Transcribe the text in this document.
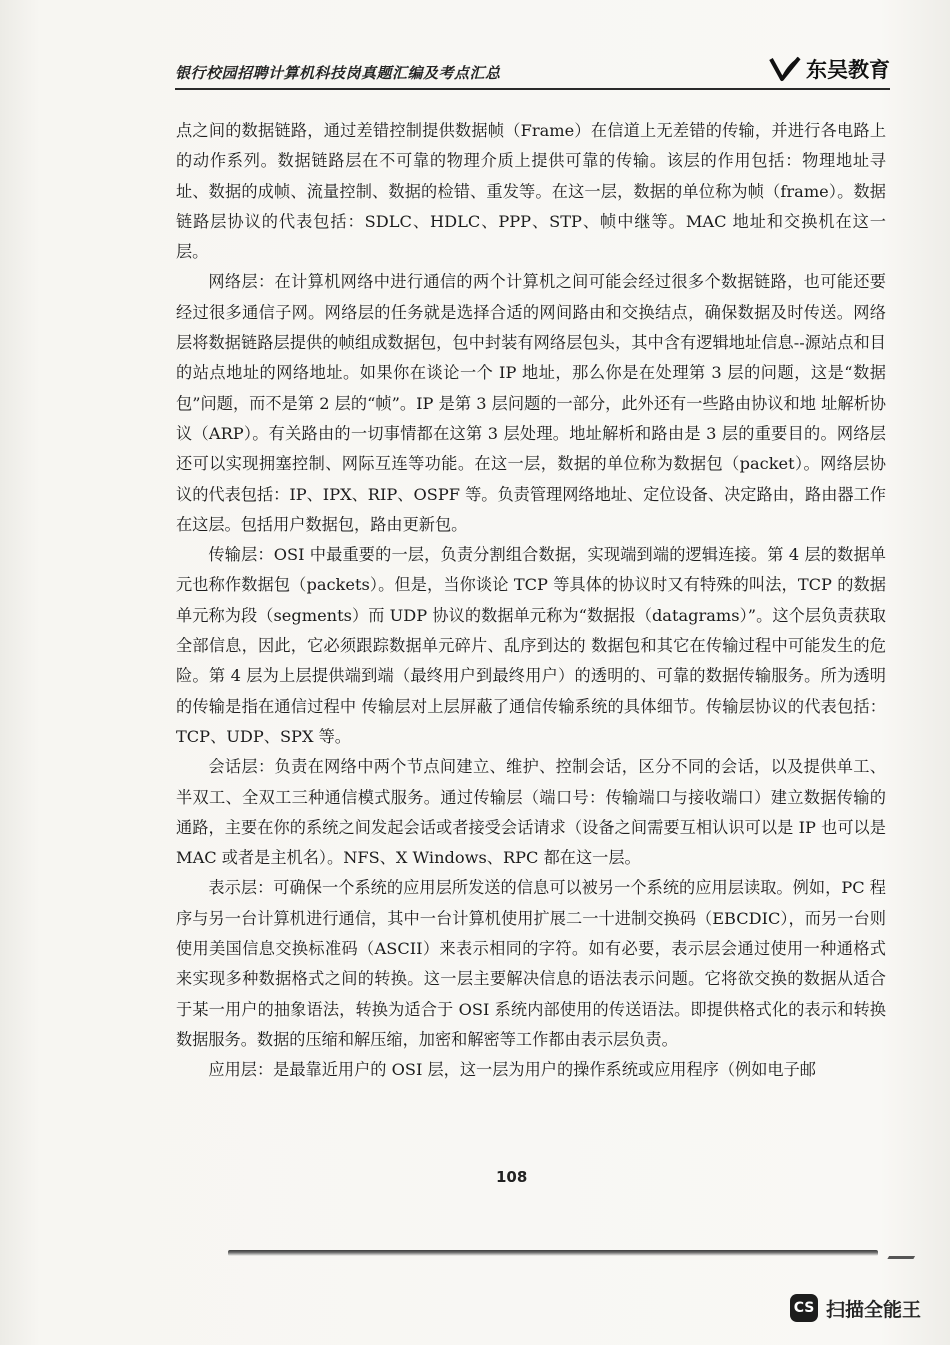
银行校园招聘计算机科技岗真题汇编及考点汇总	东吴教育

点之间的数据链路，通过差错控制提供数据帧（Frame）在信道上无差错的传输，并进行各电路上的动作系列。数据链路层在不可靠的物理介质上提供可靠的传输。该层的作用包括：物理地址寻址、数据的成帧、流量控制、数据的检错、重发等。在这一层，数据的单位称为帧（frame）。数据链路层协议的代表包括：SDLC、HDLC、PPP、STP、帧中继等。MAC 地址和交换机在这一层。

网络层：在计算机网络中进行通信的两个计算机之间可能会经过很多个数据链路，也可能还要经过很多通信子网。网络层的任务就是选择合适的网间路由和交换结点，确保数据及时传送。网络层将数据链路层提供的帧组成数据包，包中封装有网络层包头，其中含有逻辑地址信息--源站点和目的站点地址的网络地址。如果你在谈论一个 IP 地址，那么你是在处理第 3 层的问题，这是“数据包”问题，而不是第 2 层的“帧”。IP 是第 3 层问题的一部分，此外还有一些路由协议和地 址解析协议（ARP）。有关路由的一切事情都在这第 3 层处理。地址解析和路由是 3 层的重要目的。网络层还可以实现拥塞控制、网际互连等功能。在这一层，数据的单位称为数据包（packet）。网络层协议的代表包括：IP、IPX、RIP、OSPF 等。负责管理网络地址、定位设备、决定路由，路由器工作在这层。包括用户数据包，路由更新包。

传输层：OSI 中最重要的一层，负责分割组合数据，实现端到端的逻辑连接。第 4 层的数据单元也称作数据包（packets）。但是，当你谈论 TCP 等具体的协议时又有特殊的叫法，TCP 的数据单元称为段（segments）而 UDP 协议的数据单元称为“数据报（datagrams）”。这个层负责获取全部信息，因此，它必须跟踪数据单元碎片、乱序到达的 数据包和其它在传输过程中可能发生的危险。第 4 层为上层提供端到端（最终用户到最终用户）的透明的、可靠的数据传输服务。所为透明的传输是指在通信过程中 传输层对上层屏蔽了通信传输系统的具体细节。传输层协议的代表包括：TCP、UDP、SPX 等。

会话层：负责在网络中两个节点间建立、维护、控制会话，区分不同的会话，以及提供单工、半双工、全双工三种通信模式服务。通过传输层（端口号：传输端口与接收端口）建立数据传输的通路，主要在你的系统之间发起会话或者接受会话请求（设备之间需要互相认识可以是 IP 也可以是 MAC 或者是主机名）。NFS、X Windows、RPC 都在这一层。

表示层：可确保一个系统的应用层所发送的信息可以被另一个系统的应用层读取。例如，PC 程序与另一台计算机进行通信，其中一台计算机使用扩展二一十进制交换码（EBCDIC），而另一台则使用美国信息交换标准码（ASCII）来表示相同的字符。如有必要，表示层会通过使用一种通格式来实现多种数据格式之间的转换。这一层主要解决信息的语法表示问题。它将欲交换的数据从适合于某一用户的抽象语法，转换为适合于 OSI 系统内部使用的传送语法。即提供格式化的表示和转换数据服务。数据的压缩和解压缩，加密和解密等工作都由表示层负责。

应用层：是最靠近用户的 OSI 层，这一层为用户的操作系统或应用程序（例如电子邮

108
CS 扫描全能王
